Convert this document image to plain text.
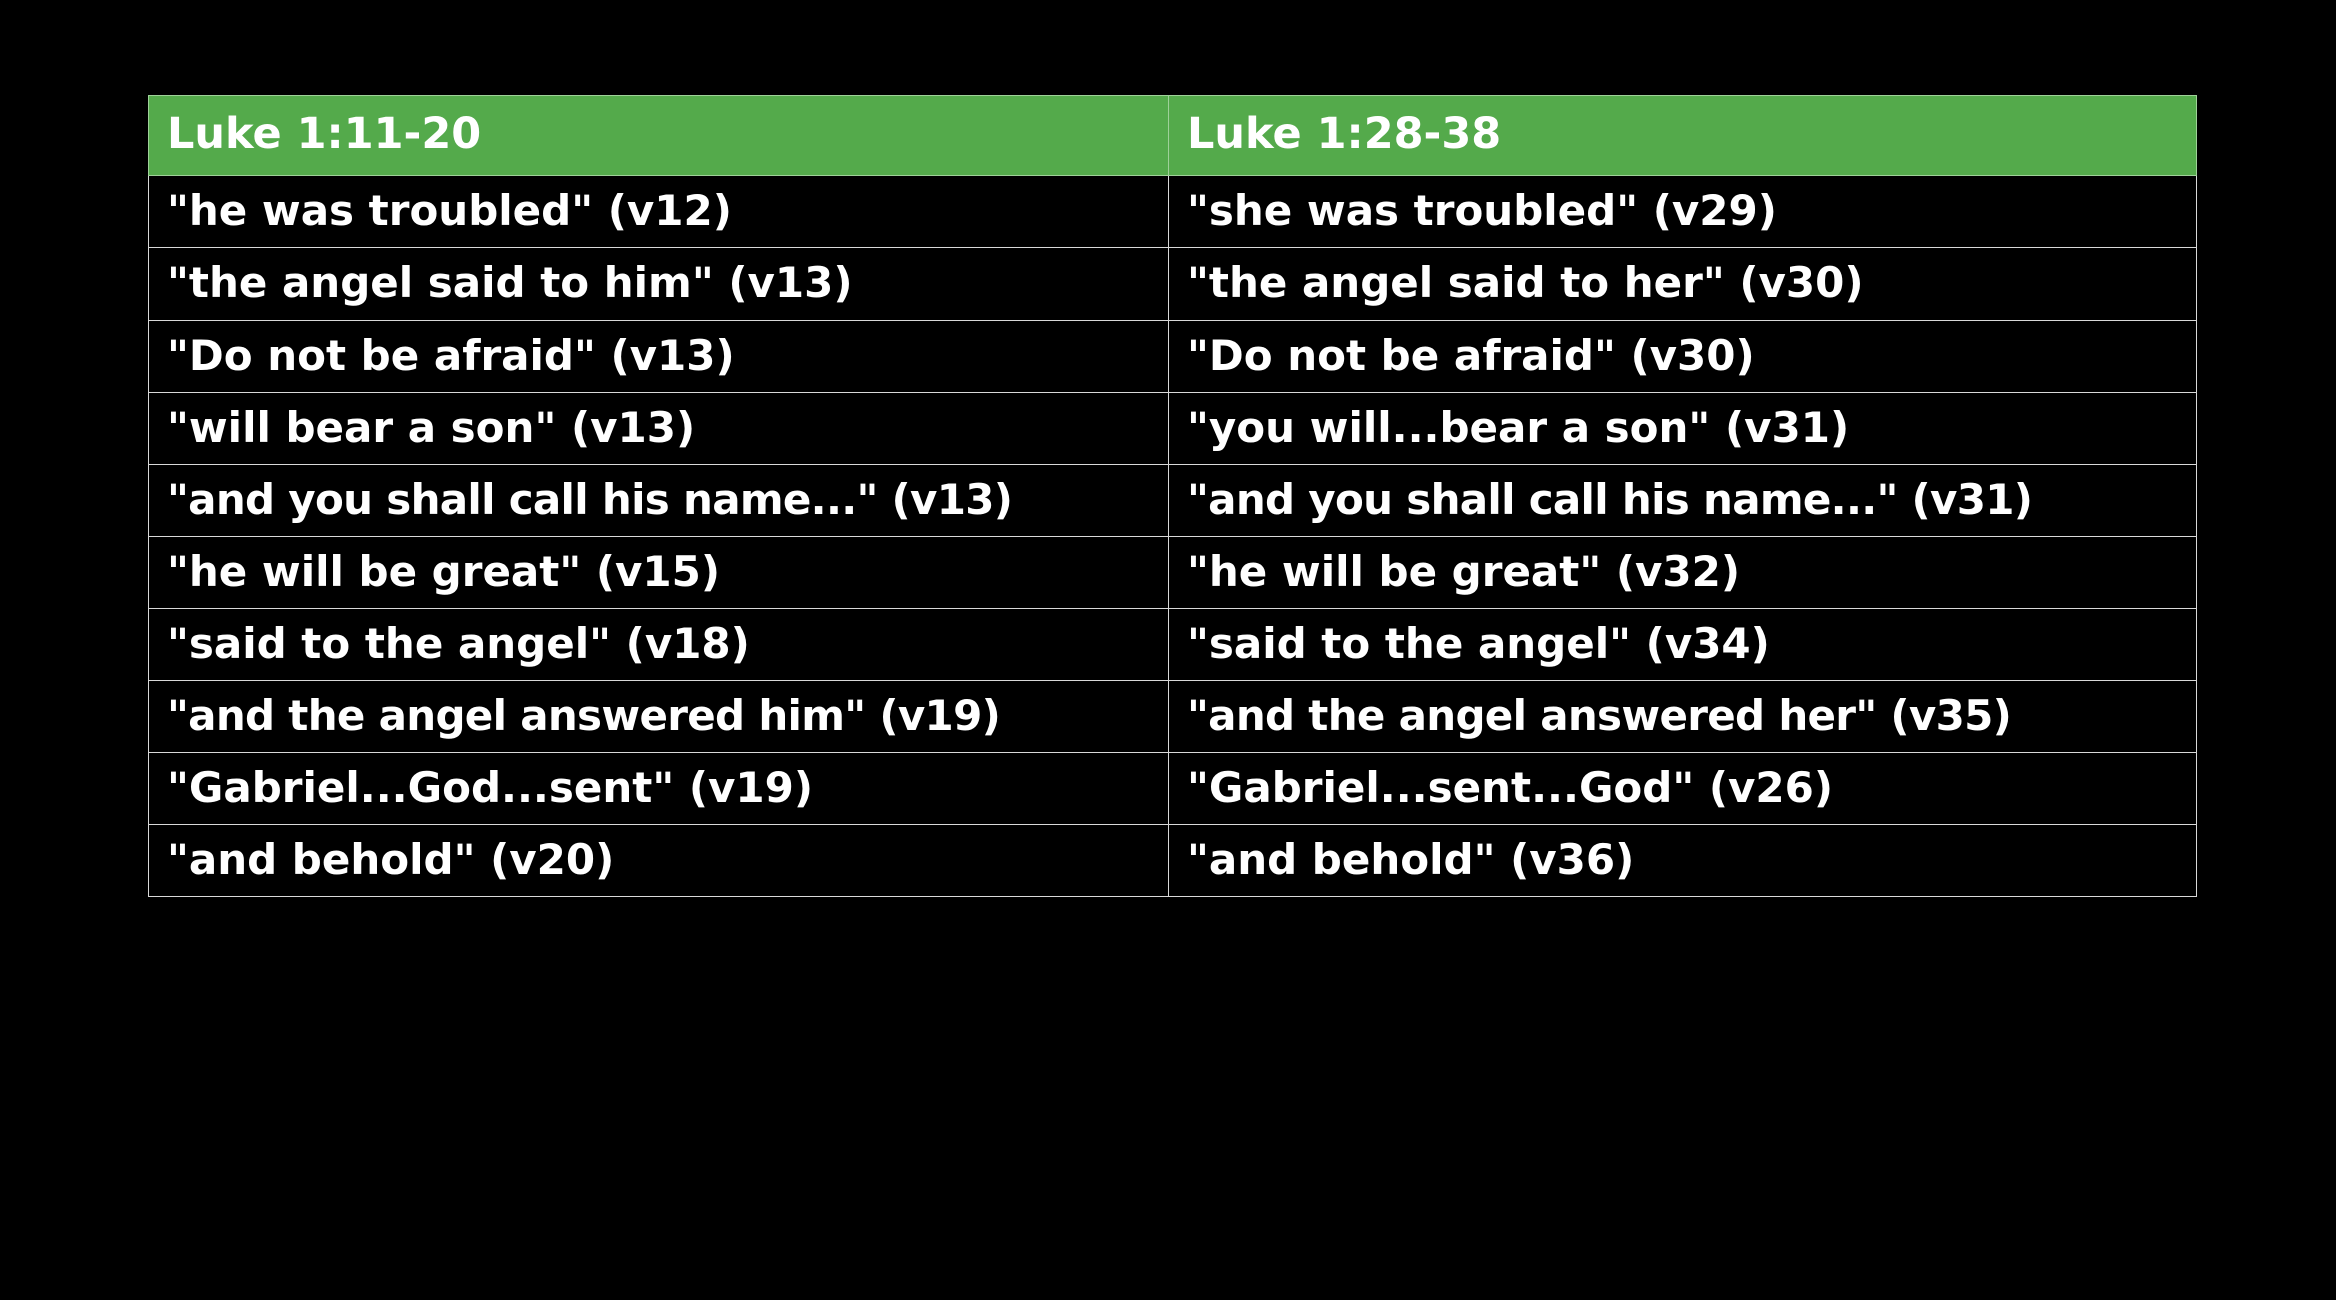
Luke 1:11-20	Luke 1:28-38
"he was troubled" (v12)	"she was troubled" (v29)
"the angel said to him" (v13)	"the angel said to her" (v30)
"Do not be afraid" (v13)	"Do not be afraid" (v30)
"will bear a son" (v13)	"you will...bear a son" (v31)
"and you shall call his name..." (v13)	"and you shall call his name..." (v31)
"he will be great" (v15)	"he will be great" (v32)
"said to the angel" (v18)	"said to the angel" (v34)
"and the angel answered him" (v19)	"and the angel answered her" (v35)
"Gabriel...God...sent" (v19)	"Gabriel...sent...God" (v26)
"and behold" (v20)	"and behold" (v36)
